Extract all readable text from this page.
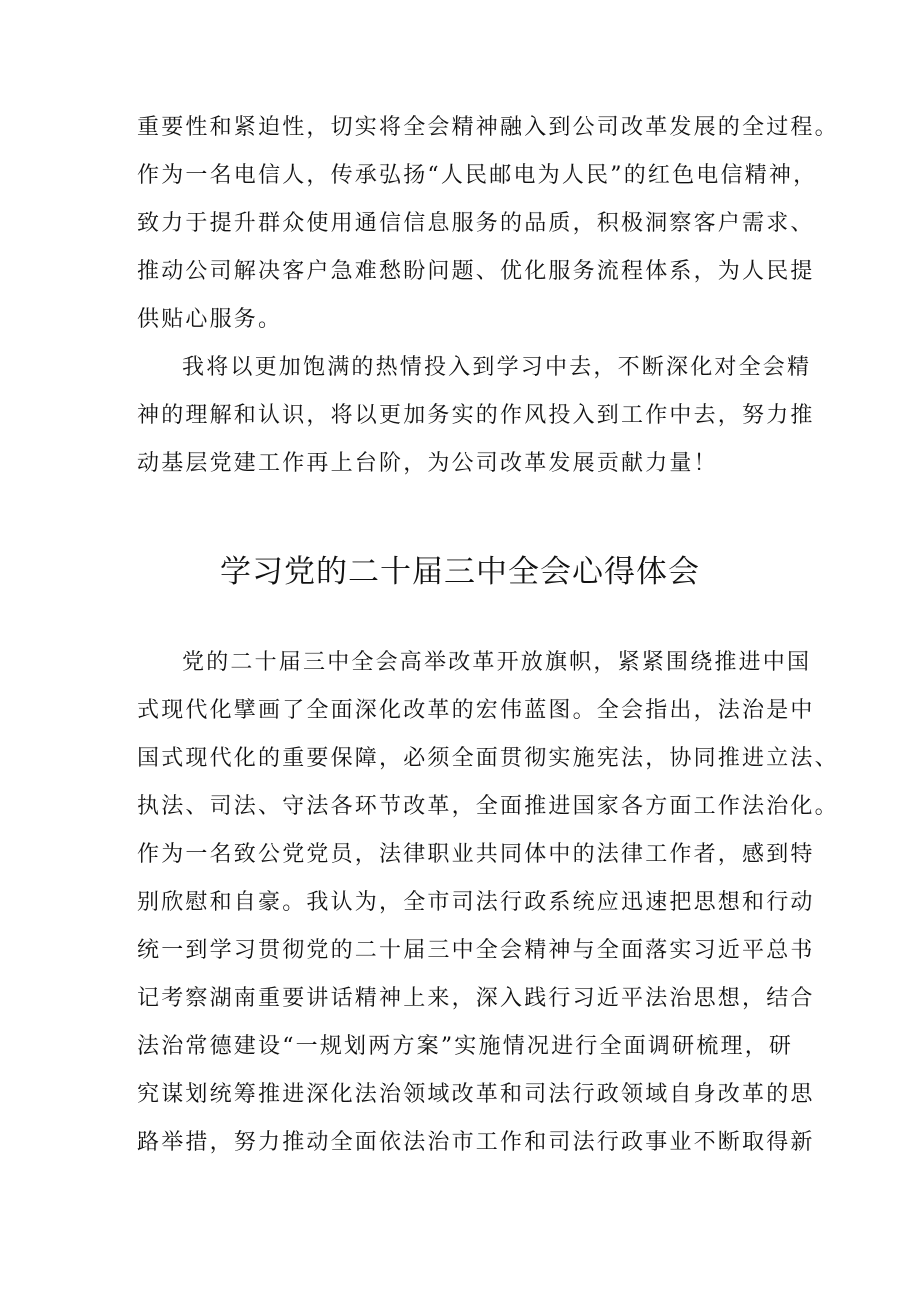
重要性和紧迫性，切实将全会精神融入到公司改革发展的全过程。
作为一名电信人，传承弘扬“人民邮电为人民”的红色电信精神，
致力于提升群众使用通信信息服务的品质，积极洞察客户需求、
推动公司解决客户急难愁盼问题、优化服务流程体系，为人民提
供贴心服务。
我将以更加饱满的热情投入到学习中去，不断深化对全会精
神的理解和认识，将以更加务实的作风投入到工作中去，努力推
动基层党建工作再上台阶，为公司改革发展贡献力量！
学习党的二十届三中全会心得体会
党的二十届三中全会高举改革开放旗帜，紧紧围绕推进中国
式现代化擘画了全面深化改革的宏伟蓝图。全会指出，法治是中
国式现代化的重要保障，必须全面贯彻实施宪法，协同推进立法、
执法、司法、守法各环节改革，全面推进国家各方面工作法治化。
作为一名致公党党员，法律职业共同体中的法律工作者，感到特
别欣慰和自豪。我认为，全市司法行政系统应迅速把思想和行动
统一到学习贯彻党的二十届三中全会精神与全面落实习近平总书
记考察湖南重要讲话精神上来，深入践行习近平法治思想，结合
法治常德建设“一规划两方案”实施情况进行全面调研梳理，研
究谋划统筹推进深化法治领域改革和司法行政领域自身改革的思
路举措，努力推动全面依法治市工作和司法行政事业不断取得新
